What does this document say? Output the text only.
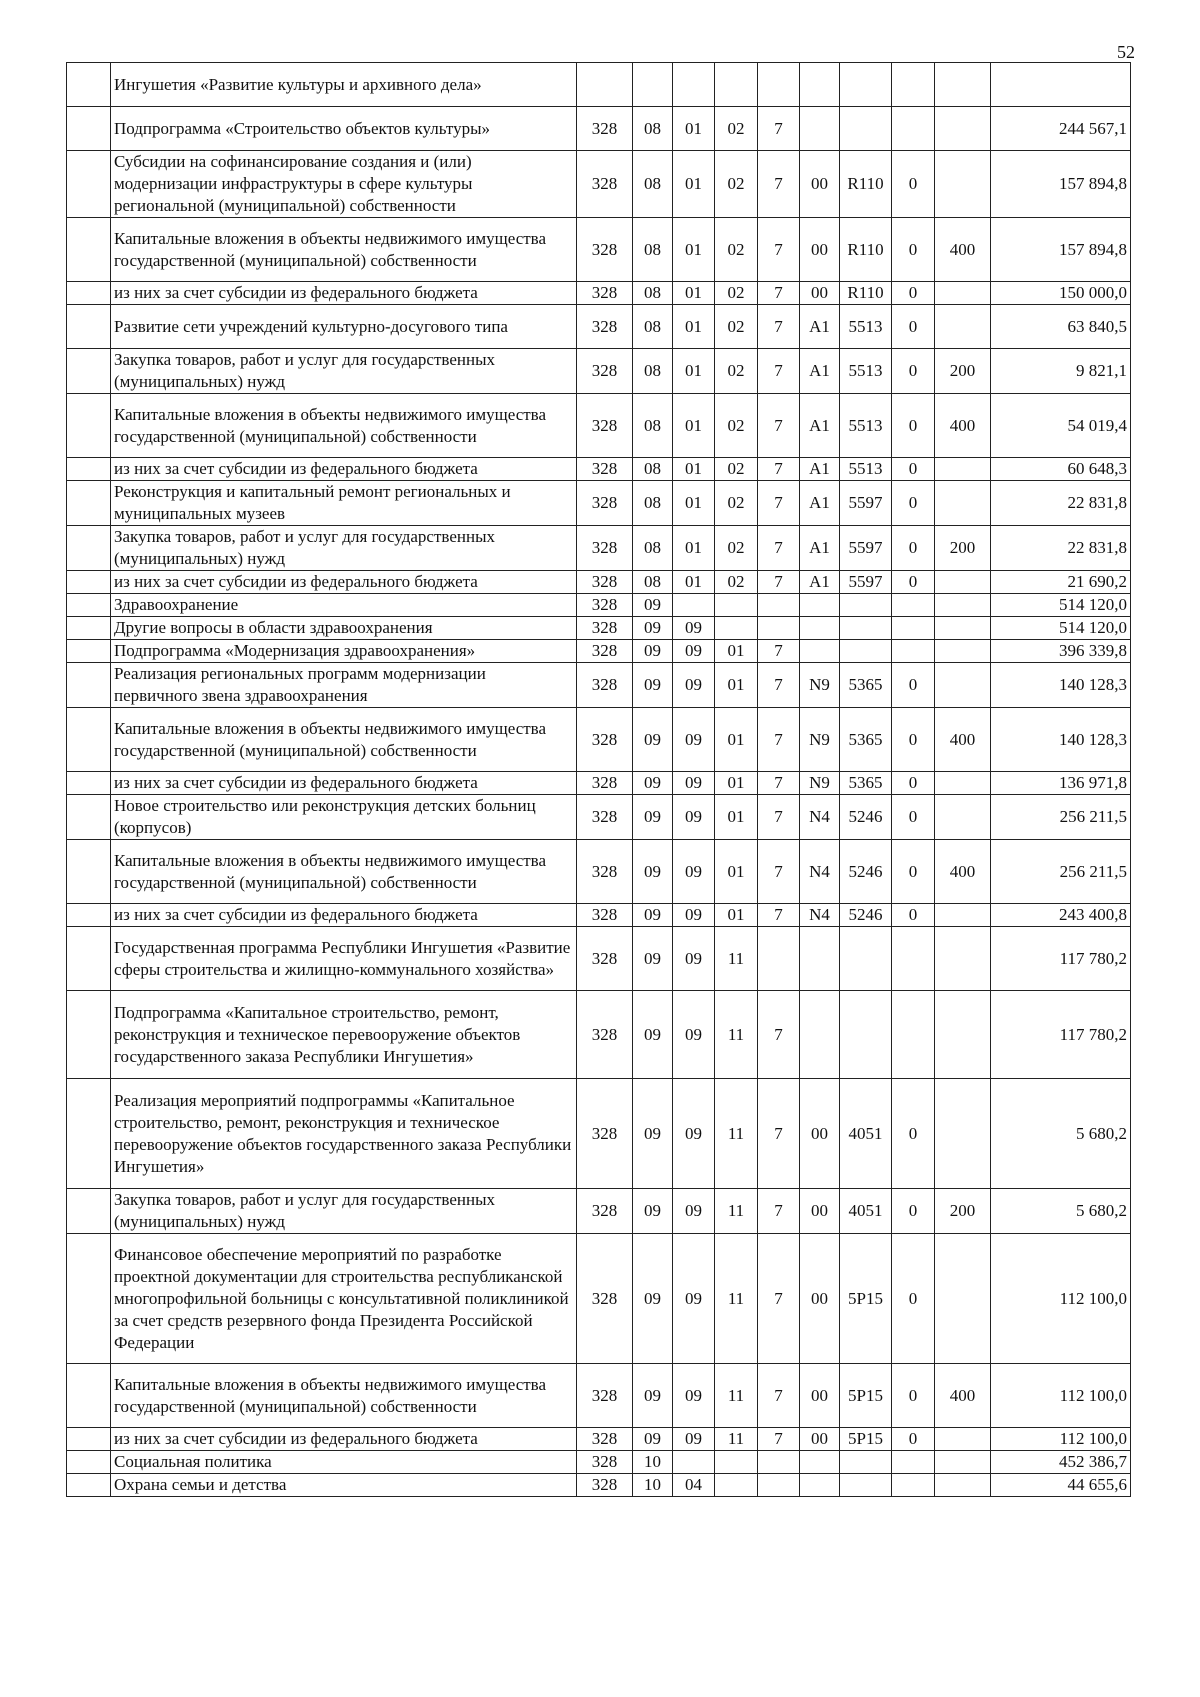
52
	Ингушетия «Развитие культуры и архивного дела»										
	Подпрограмма «Строительство объектов культуры»	328	08	01	02	7					244 567,1
	Субсидии на софинансирование создания и (или) модернизации инфраструктуры в сфере культуры региональной (муниципальной) собственности	328	08	01	02	7	00	R110	0		157 894,8
	Капитальные вложения в объекты недвижимого имущества государственной (муниципальной) собственности	328	08	01	02	7	00	R110	0	400	157 894,8
	из них за счет субсидии из федерального бюджета	328	08	01	02	7	00	R110	0		150 000,0
	Развитие сети учреждений культурно-досугового типа	328	08	01	02	7	A1	5513	0		63 840,5
	Закупка товаров, работ и услуг для государственных (муниципальных) нужд	328	08	01	02	7	A1	5513	0	200	9 821,1
	Капитальные вложения в объекты недвижимого имущества государственной (муниципальной) собственности	328	08	01	02	7	A1	5513	0	400	54 019,4
	из них за счет субсидии из федерального бюджета	328	08	01	02	7	A1	5513	0		60 648,3
	Реконструкция и капитальный ремонт региональных и муниципальных музеев	328	08	01	02	7	A1	5597	0		22 831,8
	Закупка товаров, работ и услуг для государственных (муниципальных) нужд	328	08	01	02	7	A1	5597	0	200	22 831,8
	из них за счет субсидии из федерального бюджета	328	08	01	02	7	A1	5597	0		21 690,2
	Здравоохранение	328	09								514 120,0
	Другие вопросы в области здравоохранения	328	09	09							514 120,0
	Подпрограмма «Модернизация здравоохранения»	328	09	09	01	7					396 339,8
	Реализация региональных программ модернизации первичного звена здравоохранения	328	09	09	01	7	N9	5365	0		140 128,3
	Капитальные вложения в объекты недвижимого имущества государственной (муниципальной) собственности	328	09	09	01	7	N9	5365	0	400	140 128,3
	из них за счет субсидии из федерального бюджета	328	09	09	01	7	N9	5365	0		136 971,8
	Новое строительство или реконструкция детских больниц (корпусов)	328	09	09	01	7	N4	5246	0		256 211,5
	Капитальные вложения в объекты недвижимого имущества государственной (муниципальной) собственности	328	09	09	01	7	N4	5246	0	400	256 211,5
	из них за счет субсидии из федерального бюджета	328	09	09	01	7	N4	5246	0		243 400,8
	Государственная программа Республики Ингушетия «Развитие сферы строительства и жилищно-коммунального хозяйства»	328	09	09	11						117 780,2
	Подпрограмма «Капитальное строительство, ремонт, реконструкция и техническое перевооружение объектов государственного заказа Республики Ингушетия»	328	09	09	11	7					117 780,2
	Реализация мероприятий подпрограммы «Капитальное строительство, ремонт, реконструкция и техническое перевооружение объектов государственного заказа Республики Ингушетия»	328	09	09	11	7	00	4051	0		5 680,2
	Закупка товаров, работ и услуг для государственных (муниципальных) нужд	328	09	09	11	7	00	4051	0	200	5 680,2
	Финансовое обеспечение мероприятий по разработке проектной документации для строительства республиканской многопрофильной больницы с консультативной поликлиникой за счет средств резервного фонда Президента Российской Федерации	328	09	09	11	7	00	5P15	0		112 100,0
	Капитальные вложения в объекты недвижимого имущества государственной (муниципальной) собственности	328	09	09	11	7	00	5P15	0	400	112 100,0
	из них за счет субсидии из федерального бюджета	328	09	09	11	7	00	5P15	0		112 100,0
	Социальная политика	328	10								452 386,7
	Охрана семьи и детства	328	10	04							44 655,6
